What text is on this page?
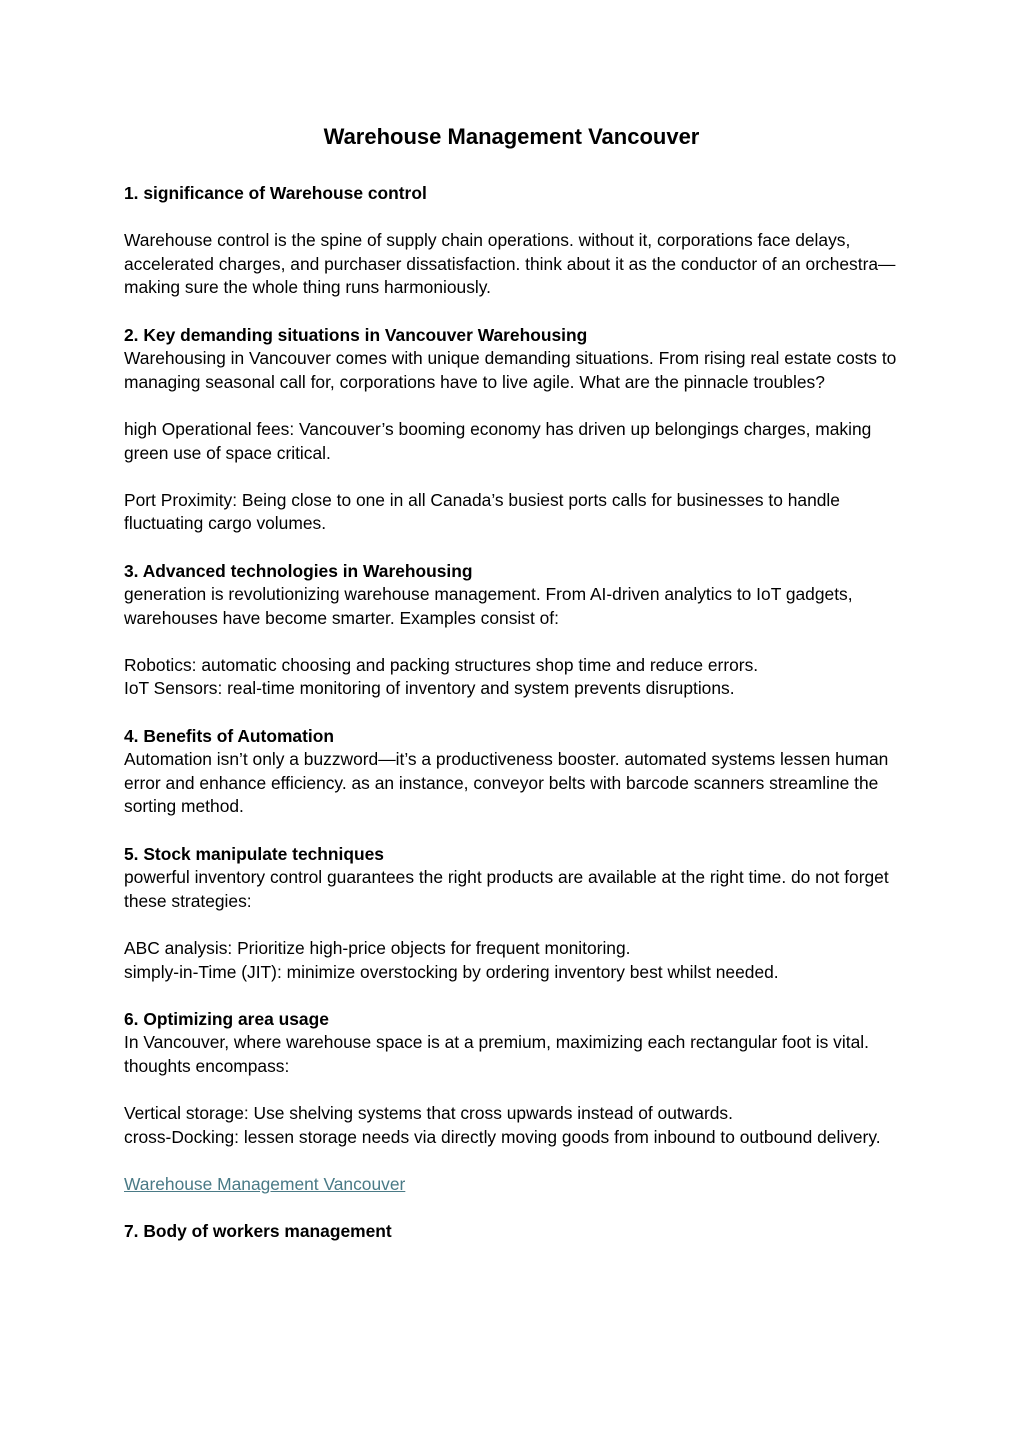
Warehouse Management Vancouver
1. significance of Warehouse control

Warehouse control is the spine of supply chain operations. without it, corporations face delays, accelerated charges, and purchaser dissatisfaction. think about it as the conductor of an orchestra—making sure the whole thing runs harmoniously.

2. Key demanding situations in Vancouver Warehousing

Warehousing in Vancouver comes with unique demanding situations. From rising real estate costs to managing seasonal call for, corporations have to live agile. What are the pinnacle troubles?

high Operational fees: Vancouver’s booming economy has driven up belongings charges, making green use of space critical.

Port Proximity: Being close to one in all Canada’s busiest ports calls for businesses to handle fluctuating cargo volumes.

3. Advanced technologies in Warehousing

generation is revolutionizing warehouse management. From AI-driven analytics to IoT gadgets, warehouses have become smarter. Examples consist of:

Robotics: automatic choosing and packing structures shop time and reduce errors.

IoT Sensors: real-time monitoring of inventory and system prevents disruptions.

4. Benefits of Automation

Automation isn’t only a buzzword—it’s a productiveness booster. automated systems lessen human error and enhance efficiency. as an instance, conveyor belts with barcode scanners streamline the sorting method.

5. Stock manipulate techniques

powerful inventory control guarantees the right products are available at the right time. do not forget these strategies:

ABC analysis: Prioritize high-price objects for frequent monitoring.

simply-in-Time (JIT): minimize overstocking by ordering inventory best whilst needed.

6. Optimizing area usage

In Vancouver, where warehouse space is at a premium, maximizing each rectangular foot is vital. thoughts encompass:

Vertical storage: Use shelving systems that cross upwards instead of outwards.

cross-Docking: lessen storage needs via directly moving goods from inbound to outbound delivery.

Warehouse Management Vancouver

7. Body of workers management
